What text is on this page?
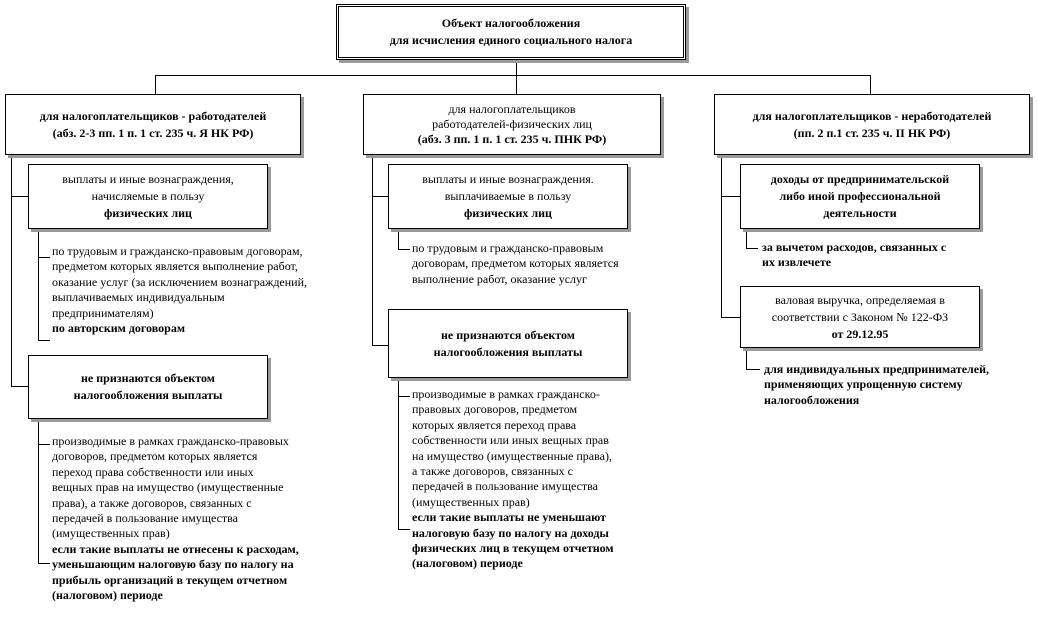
Объект налогообложения
для исчисления единого социального налога
для налогоплательщиков - работодателей
(абз. 2-3 пп. 1 п. 1 ст. 235 ч. Я НК РФ)
выплаты и иные вознаграждения,
начисляемые в пользу
физических лиц
по трудовым и гражданско-правовым договорам,
предметом которых является выполнение работ,
оказание услуг (за исключением вознаграждений,
выплачиваемых индивидуальным
предпринимателям)
по авторским договорам
не признаются объектом
налогообложения выплаты
производимые в рамках гражданско-правовых
договоров, предметом которых является
переход права собственности или иных
вещных прав на имущество (имущественные
права), а также договоров, связанных с
передачей в пользование имущества
(имущественных прав)
если такие выплаты не отнесены к расходам,
уменьшающим налоговую базу по налогу на
прибыль организаций в текущем отчетном
(налоговом) периоде
для налогоплательщиков
работодателей-физических лиц
(абз. 3 пп. 1 п. 1 ст. 235 ч. ПНК РФ)
выплаты и иные вознаграждения.
выплачиваемые в пользу
физических лиц
по трудовым и гражданско-правовым
договорам, предметом которых является
выполнение работ, оказание услуг
не признаются объектом
налогообложения выплаты
производимые в рамках гражданско-
правовых договоров, предметом
которых является переход права
собственности или иных вещных прав
на имущество (имущественные права),
а также договоров, связанных с
передачей в пользование имущества
(имущественных прав)
если такие выплаты не уменьшают
налоговую базу по налогу на доходы
физических лиц в текущем отчетном
(налоговом) периоде
для налогоплательщиков - неработодателей
(пп. 2 п.1 ст. 235 ч. II НК РФ)
доходы от предпринимательской
либо иной профессиональной
деятельности
за вычетом расходов, связанных с
их извлечете
валовая выручка, определяемая в
соответствии с Законом № 122-ФЗ
от 29.12.95
для индивидуальных предпринимателей,
применяющих упрощенную систему
налогообложения
